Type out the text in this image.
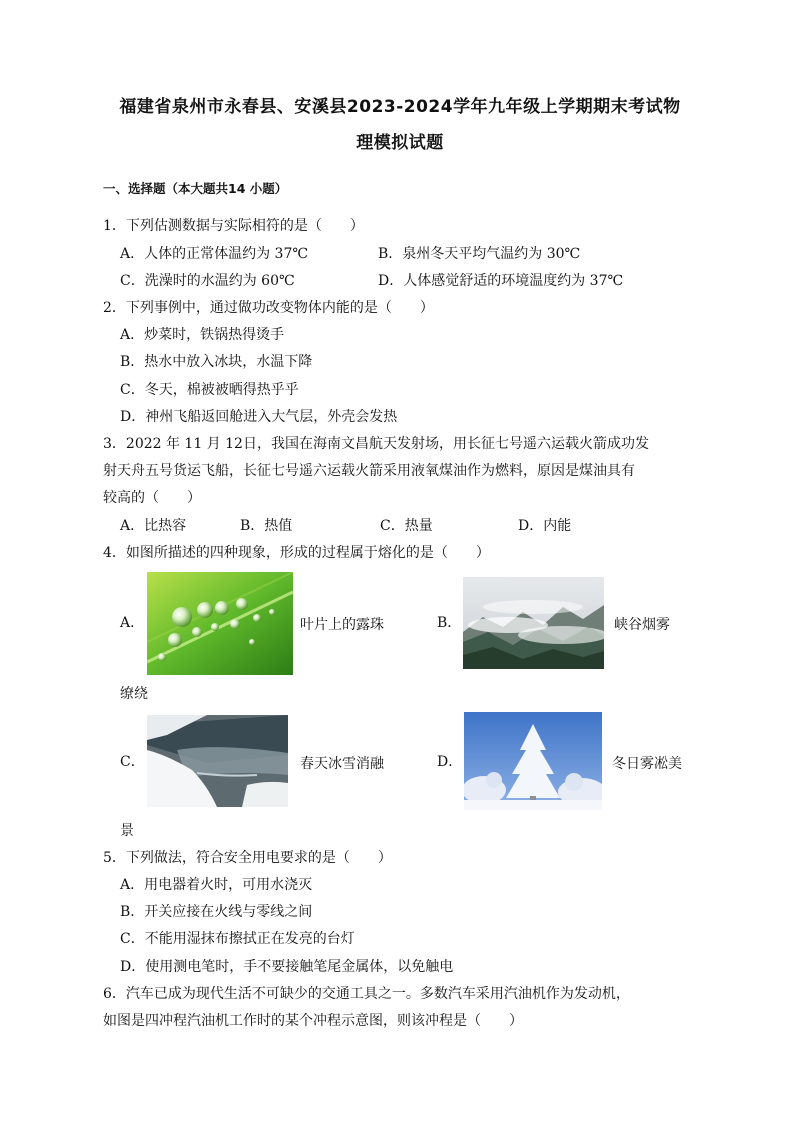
福建省泉州市永春县、安溪县2023-2024学年九年级上学期期末考试物
理模拟试题
一、选择题（本大题共14 小题）
1．下列估测数据与实际相符的是（　　）
A．人体的正常体温约为 37℃	B．泉州冬天平均气温约为 30℃
C．洗澡时的水温约为 60℃	D．人体感觉舒适的环境温度约为 37℃
2．下列事例中，通过做功改变物体内能的是（　　）
A．炒菜时，铁锅热得烫手
B．热水中放入冰块，水温下降
C．冬天，棉被被晒得热乎乎
D．神州飞船返回舱进入大气层，外壳会发热
3．2022 年 11 月 12日，我国在海南文昌航天发射场，用长征七号遥六运载火箭成功发
射天舟五号货运飞船，长征七号遥六运载火箭采用液氧煤油作为燃料，原因是煤油具有
较高的（　　）
A．比热容	B．热值	C．热量	D．内能
4．如图所描述的四种现象，形成的过程属于熔化的是（　　）
A．	叶片上的露珠	B．	峡谷烟雾
缭绕
C．	春天冰雪消融	D．	冬日雾凇美
景
5．下列做法，符合安全用电要求的是（　　）
A．用电器着火时，可用水浇灭
B．开关应接在火线与零线之间
C．不能用湿抹布擦拭正在发亮的台灯
D．使用测电笔时，手不要接触笔尾金属体，以免触电
6．汽车已成为现代生活不可缺少的交通工具之一。多数汽车采用汽油机作为发动机，
如图是四冲程汽油机工作时的某个冲程示意图，则该冲程是（　　）
